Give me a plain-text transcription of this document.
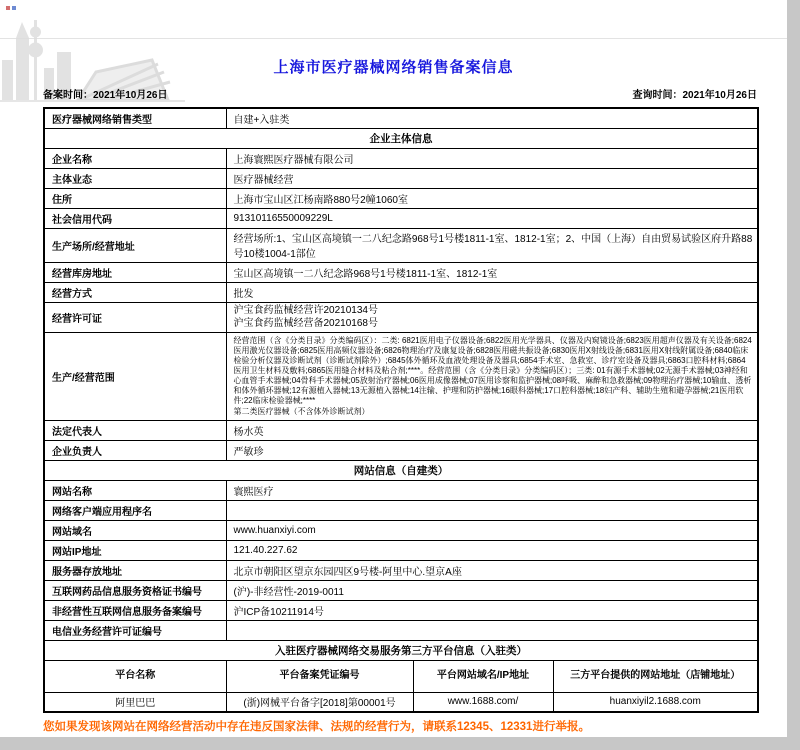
上海市医疗器械网络销售备案信息
备案时间：2021年10月26日	查询时间：2021年10月26日
医疗器械网络销售类型	自建+入驻类		
企业主体信息			
企业名称	上海寰熙医疗器械有限公司		
主体业态	医疗器械经营		
住所	上海市宝山区江杨南路880号2幢1060室		
社会信用代码	91310116550009229L		
生产场所/经营地址	经营场所:1、宝山区高境镇一二八纪念路968号1号楼1811-1室、1812-1室；2、中国（上海）自由贸易试验区府升路88号10楼1004-1部位		
经营库房地址	宝山区高境镇一二八纪念路968号1号楼1811-1室、1812-1室		
经营方式	批发		
经营许可证	沪宝食药监械经营许20210134号
沪宝食药监械经营备20210168号		

生产/经营范围	经营范围（含《分类目录》分类编码区）：二类: 6821医用电子仪器设备;6822医用光学器具、仪器及内窥镜设备;6823医用超声仪器及有关设备;6824医用激光仪器设备;6825医用高频仪器设备;6826物理治疗及康复设备;6828医用磁共振设备;6830医用X射线设备;6831医用X射线附属设备;6840临床检验分析仪器及诊断试剂（诊断试剂除外）;6845体外循环及血液处理设备及器具;6854手术室、急救室、诊疗室设备及器具;6863口腔科材料;6864医用卫生材料及敷料;6865医用缝合材料及粘合剂;****。经营范围（含《分类目录》分类编码区）；三类: 01有源手术器械;02无源手术器械;03神经和心血管手术器械;04骨科手术器械;05放射治疗器械;06医用成像器械;07医用诊察和监护器械;08呼吸、麻醉和急救器械;09物理治疗器械;10输血、透析和体外循环器械;12有源植入器械;13无源植入器械;14注输、护理和防护器械;16眼科器械;17口腔科器械;18妇产科、辅助生殖和避孕器械;21医用软件;22临床检验器械;****
第二类医疗器械（不含体外诊断试剂）		

法定代表人	杨水英		
企业负责人	严敏珍		
网站信息（自建类）			
网站名称	寰熙医疗		
网络客户端应用程序名			
网站域名	www.huanxiyi.com		
网站IP地址	121.40.227.62		
服务器存放地址	北京市朝阳区望京东园四区9号楼-阿里中心.望京A座		
互联网药品信息服务资格证书编号	(沪)-非经营性-2019-0011		
非经营性互联网信息服务备案编号	沪ICP备10211914号		
电信业务经营许可证编号			
入驻医疗器械网络交易服务第三方平台信息（入驻类）			
平台名称	平台备案凭证编号	平台网站域名/IP地址	三方平台提供的网站地址（店铺地址）
阿里巴巴	(浙)网械平台备字[2018]第00001号	www.1688.com/	huanxiyil2.1688.com
您如果发现该网站在网络经营活动中存在违反国家法律、法规的经营行为，请联系12345、12331进行举报。
